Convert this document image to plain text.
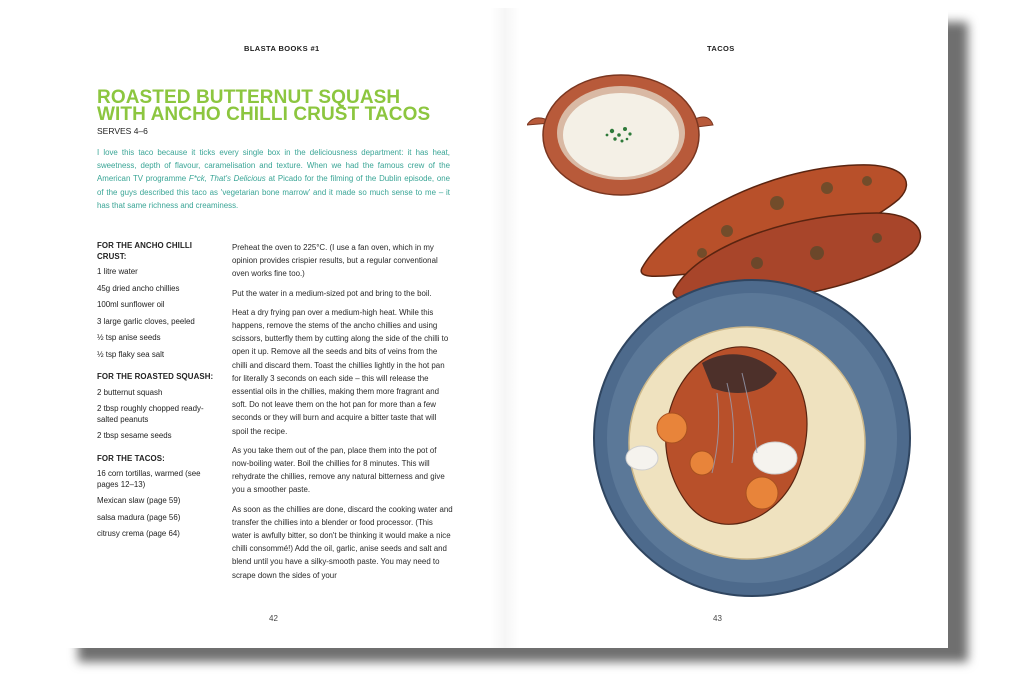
BLASTA BOOKS #1
ROASTED BUTTERNUT SQUASH
WITH ANCHO CHILLI CRUST TACOS
SERVES 4–6

I love this taco because it ticks every single box in the deliciousness department: it has heat, sweetness, depth of flavour, caramelisation and texture. When we had the famous crew of the American TV programme F*ck, That's Delicious at Picado for the filming of the Dublin episode, one of the guys described this taco as 'vegetarian bone marrow' and it made so much sense to me – it has that same richness and creaminess.

FOR THE ANCHO CHILLI CRUST:
1 litre water
45g dried ancho chillies
100ml sunflower oil
3 large garlic cloves, peeled
½ tsp anise seeds
½ tsp flaky sea salt
FOR THE ROASTED SQUASH:
2 butternut squash
2 tbsp roughly chopped ready-salted peanuts
2 tbsp sesame seeds
FOR THE TACOS:
16 corn tortillas, warmed (see pages 12–13)
Mexican slaw (page 59)
salsa madura (page 56)
citrusy crema (page 64)

Preheat the oven to 225°C. (I use a fan oven, which in my opinion provides crispier results, but a regular conventional oven works fine too.)

Put the water in a medium-sized pot and bring to the boil.

Heat a dry frying pan over a medium-high heat. While this happens, remove the stems of the ancho chillies and using scissors, butterfly them by cutting along the side of the chilli to open it up. Remove all the seeds and bits of veins from the chilli and discard them. Toast the chillies lightly in the hot pan for literally 3 seconds on each side – this will release the essential oils in the chillies, making them more fragrant and soft. Do not leave them on the hot pan for more than a few seconds or they will burn and acquire a bitter taste that will spoil the recipe.

As you take them out of the pan, place them into the pot of now-boiling water. Boil the chillies for 8 minutes. This will rehydrate the chillies, remove any natural bitterness and give you a smoother paste.

As soon as the chillies are done, discard the cooking water and transfer the chillies into a blender or food processor. (This water is awfully bitter, so don't be thinking it would make a nice chilli consommé!) Add the oil, garlic, anise seeds and salt and blend until you have a silky-smooth paste. You may need to scrape down the sides of your

42
TACOS
43
